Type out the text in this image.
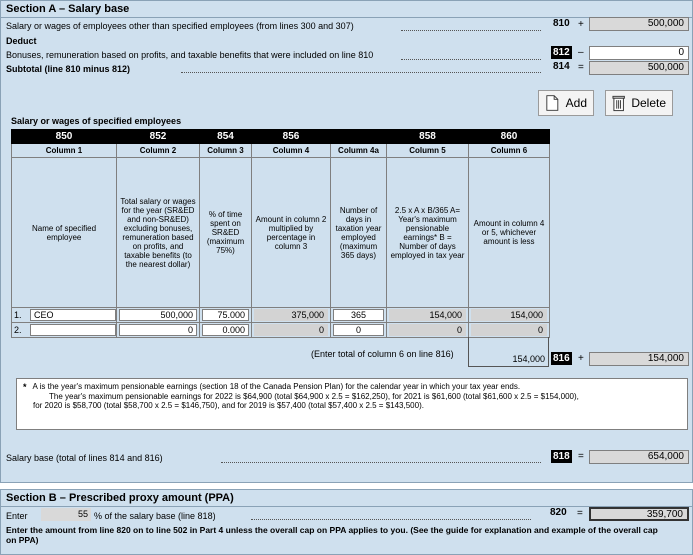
Section A – Salary base
Salary or wages of employees other than specified employees (from lines 300 and 307)	810 +	500,000
Deduct
Bonuses, remuneration based on profits, and taxable benefits that were included on line 810	812 –	0
Subtotal (line 810 minus 812)	814 =	500,000
Add	Delete
Salary or wages of specified employees
850	852	854	856		858	860
Column 1	Column 2	Column 3	Column 4	Column 4a	Column 5	Column 6
Name of specified employee	Total salary or wages for the year (SR&ED and non-SR&ED) excluding bonuses, remuneration based on profits, and taxable benefits (to the nearest dollar)	% of time spent on SR&ED (maximum 75%)	Amount in column 2 multiplied by percentage in column 3	Number of days in taxation year employed (maximum 365 days)	2.5 x A x B/365 A= Year's maximum pensionable earnings* B = Number of days employed in tax year	Amount in column 4 or 5, whichever amount is less

1. CEO	500,000	75.000	375,000	365	154,000	154,000

2.	0	0.000	0	0	0	0
(Enter total of column 6 on line 816)	154,000 816 +	154,000
* A is the year's maximum pensionable earnings (section 18 of the Canada Pension Plan) for the calendar year in which your tax year ends.
The year's maximum pensionable earnings for 2022 is $64,900 (total $64,900 x 2.5 = $162,250), for 2021 is $61,600 (total $61,600 x 2.5 = $154,000),
for 2020 is $58,700 (total $58,700 x 2.5 = $146,750), and for 2019 is $57,400 (total $57,400 x 2.5 = $143,500).
Salary base (total of lines 814 and 816)	818 =	654,000
Section B – Prescribed proxy amount (PPA)
Enter	55 % of the salary base (line 818)	820 =	359,700
Enter the amount from line 820 on to line 502 in Part 4 unless the overall cap on PPA applies to you. (See the guide for explanation and example of the overall cap on PPA)
